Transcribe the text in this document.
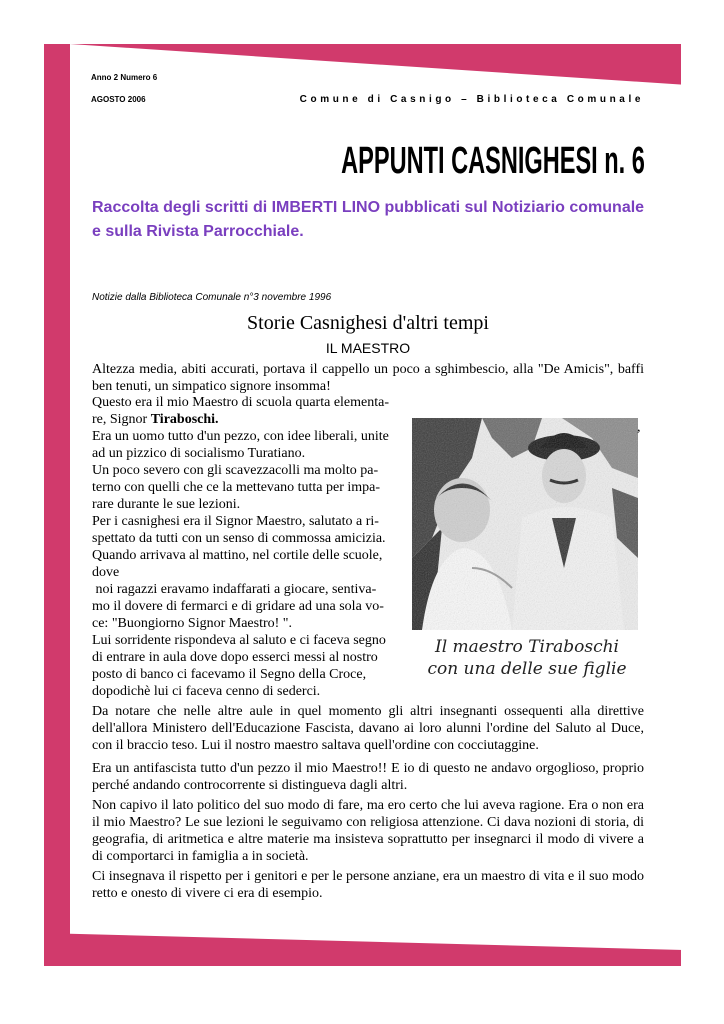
Anno 2 Numero 6
AGOSTO 2006	Comune di Casnigo – Biblioteca Comunale
APPUNTI CASNIGHESI n. 6
Raccolta degli scritti di IMBERTI LINO pubblicati sul Notiziario comunale e sulla Rivista Parrocchiale.
Notizie dalla Biblioteca Comunale n°3 novembre 1996
Storie Casnighesi d'altri tempi
IL MAESTRO
Altezza media, abiti accurati, portava il cappello un poco a sghimbescio, alla "De Amicis", baffi ben tenuti, un simpatico signore insomma!
Questo era il mio Maestro di scuola quarta elementa-
re, Signor Tiraboschi.
Era un uomo tutto d'un pezzo, con idee liberali, unite
ad un pizzico di socialismo Turatiano.
Un poco severo con gli scavezzacolli ma molto pa-
terno con quelli che ce la mettevano tutta per impa-
rare durante le sue lezioni.
Per i casnighesi era il Signor Maestro, salutato a ri-
spettato da tutti con un senso di commossa amicizia.
Quando arrivava al mattino, nel cortile delle scuole,
dove
noi ragazzi eravamo indaffarati a giocare, sentiva-
mo il dovere di fermarci e di gridare ad una sola vo-
ce: "Buongiorno Signor Maestro! ".
Lui sorridente rispondeva al saluto e ci faceva segno
di entrare in aula dove dopo esserci messi al nostro
posto di banco ci facevamo il Segno della Croce,
dopodichè lui ci faceva cenno di sederci.
,
Il maestro Tiraboschi
con una delle sue figlie
Da notare che nelle altre aule in quel momento gli altri insegnanti ossequenti alla direttive dell'allora Ministero dell'Educazione Fascista, davano ai loro alunni l'ordine del Saluto al Duce, con il braccio teso. Lui il nostro maestro saltava quell'ordine con cocciutaggine.
Era un antifascista tutto d'un pezzo il mio Maestro!! E io di questo ne andavo orgoglioso, proprio perché andando controcorrente si distingueva dagli altri.
Non capivo il lato politico del suo modo di fare, ma ero certo che lui aveva ragione. Era o non era il mio Maestro? Le sue lezioni le seguivamo con religiosa attenzione. Ci dava nozioni di storia, di geografia, di aritmetica e altre materie ma insisteva soprattutto per insegnarci il modo di vivere a di comportarci in famiglia a in società.
Ci insegnava il rispetto per i genitori e per le persone anziane, era un maestro di vita e il suo modo retto e onesto di vivere ci era di esempio.
